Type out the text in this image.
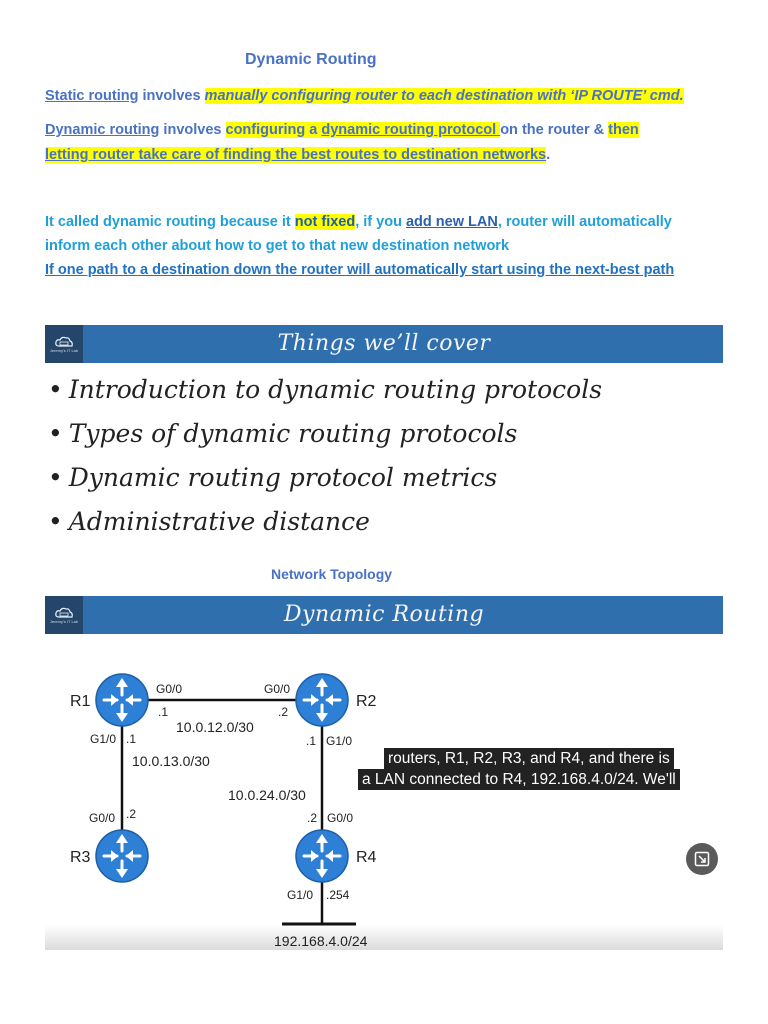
Dynamic Routing
Static routing involves manually configuring router to each destination with ‘IP ROUTE’ cmd.
Dynamic routing involves configuring a dynamic routing protocol on the router & then
letting router take care of finding the best routes to destination networks.
It called dynamic routing because it not fixed, if you add new LAN, router will automatically
inform each other about how to get to that new destination network
If one path to a destination down the router will automatically start using the next-best path
Jeremy's IT Lab	Things we’ll cover
• Introduction to dynamic routing protocols
• Types of dynamic routing protocols
• Dynamic routing protocol metrics
• Administrative distance
Network Topology
Jeremy's IT Lab	Dynamic Routing
R1	R2
R3	R4
G0/0
.1
G0/0
.2
10.0.12.0/30
G1/0 .1
10.0.13.0/30
.1 G1/0
10.0.24.0/30
G0/0 .2	.2 G0/0
G1/0 .254
192.168.4.0/24
routers, R1, R2, R3, and R4, and there is
a LAN connected to R4, 192.168.4.0/24. We'll
